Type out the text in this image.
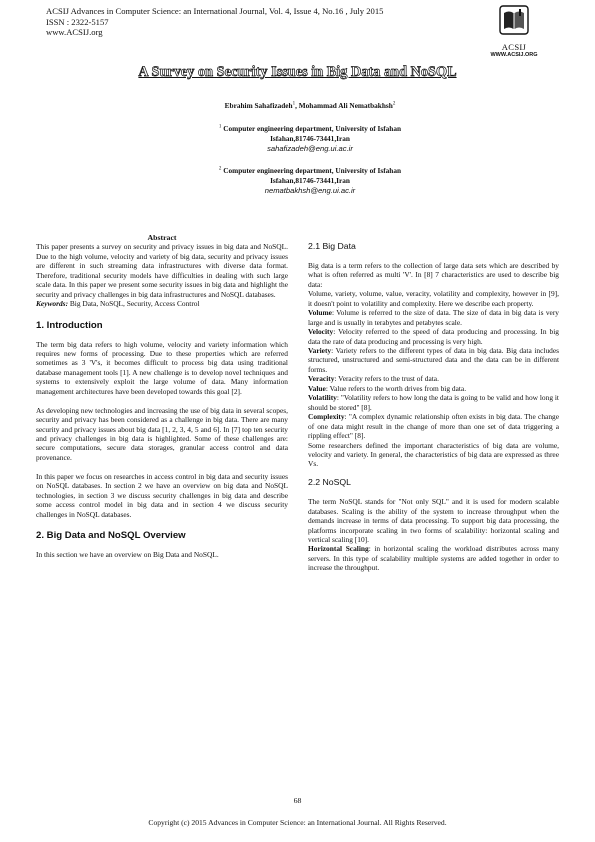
ACSIJ Advances in Computer Science: an International Journal, Vol. 4, Issue 4, No.16 , July 2015
ISSN : 2322-5157
www.ACSIJ.org
ACSIJ
WWW.ACSIJ.ORG
A Survey on Security Issues in Big Data and NoSQL
Ebrahim Sahafizadeh$^1$, Mohammad Ali Nematbakhsh$^2$
$^1$ Computer engineering department, University of Isfahan
Isfahan,81746-73441,Iran
sahafizadeh@eng.ui.ac.ir
$^2$ Computer engineering department, University of Isfahan
Isfahan,81746-73441,Iran
nematbakhsh@eng.ui.ac.ir

Abstract

This paper presents a survey on security and privacy issues in big data and NoSQL. Due to the high volume, velocity and variety of big data, security and privacy issues are different in such streaming data infrastructures with diverse data format. Therefore, traditional security models have difficulties in dealing with such large scale data. In this paper we present some security issues in big data and highlight the security and privacy challenges in big data infrastructures and NoSQL databases.

Keywords: Big Data, NoSQL, Security, Access Control

1. Introduction

The term big data refers to high volume, velocity and variety information which requires new forms of processing. Due to these properties which are referred sometimes as 3 'V's, it becomes difficult to process big data using traditional database management tools [1]. A new challenge is to develop novel techniques and systems to extensively exploit the large volume of data. Many information management architectures have been developed towards this goal [2].

As developing new technologies and increasing the use of big data in several scopes, security and privacy has been considered as a challenge in big data. There are many security and privacy issues about big data [1, 2, 3, 4, 5 and 6]. In [7] top ten security and privacy challenges in big data is highlighted. Some of these challenges are: secure computations, secure data storages, granular access control and data provenance.

In this paper we focus on researches in access control in big data and security issues on NoSQL databases. In section 2 we have an overview on big data and NoSQL technologies, in section 3 we discuss security challenges in big data and describe some access control model in big data and in section 4 we discuss security challenges in NoSQL databases.

2. Big Data and NoSQL Overview

In this section we have an overview on Big Data and NoSQL.

2.1 Big Data

Big data is a term refers to the collection of large data sets which are described by what is often referred as multi 'V'. In [8] 7 characteristics are used to describe big data:

Volume, variety, volume, value, veracity, volatility and complexity, however in [9], it doesn't point to volatility and complexity. Here we describe each property.

Volume: Volume is referred to the size of data. The size of data in big data is very large and is usually in terabytes and petabytes scale.

Velocity: Velocity referred to the speed of data producing and processing. In big data the rate of data producing and processing is very high.

Variety: Variety refers to the different types of data in big data. Big data includes structured, unstructured and semi-structured data and the data can be in different forms.

Veracity: Veracity refers to the trust of data.

Value: Value refers to the worth drives from big data.

Volatility: "Volatility refers to how long the data is going to be valid and how long it should be stored" [8].

Complexity: "A complex dynamic relationship often exists in big data. The change of one data might result in the change of more than one set of data triggering a rippling effect" [8].

Some researchers defined the important characteristics of big data are volume, velocity and variety. In general, the characteristics of big data are expressed as three Vs.

2.2 NoSQL

The term NoSQL stands for "Not only SQL" and it is used for modern scalable databases. Scaling is the ability of the system to increase throughput when the demands increase in terms of data processing. To support big data processing, the platforms incorporate scaling in two forms of scalability: horizontal scaling and vertical scaling [10].

Horizontal Scaling: in horizontal scaling the workload distributes across many servers. In this type of scalability multiple systems are added together in order to increase the throughput.

68
Copyright (c) 2015 Advances in Computer Science: an International Journal. All Rights Reserved.
